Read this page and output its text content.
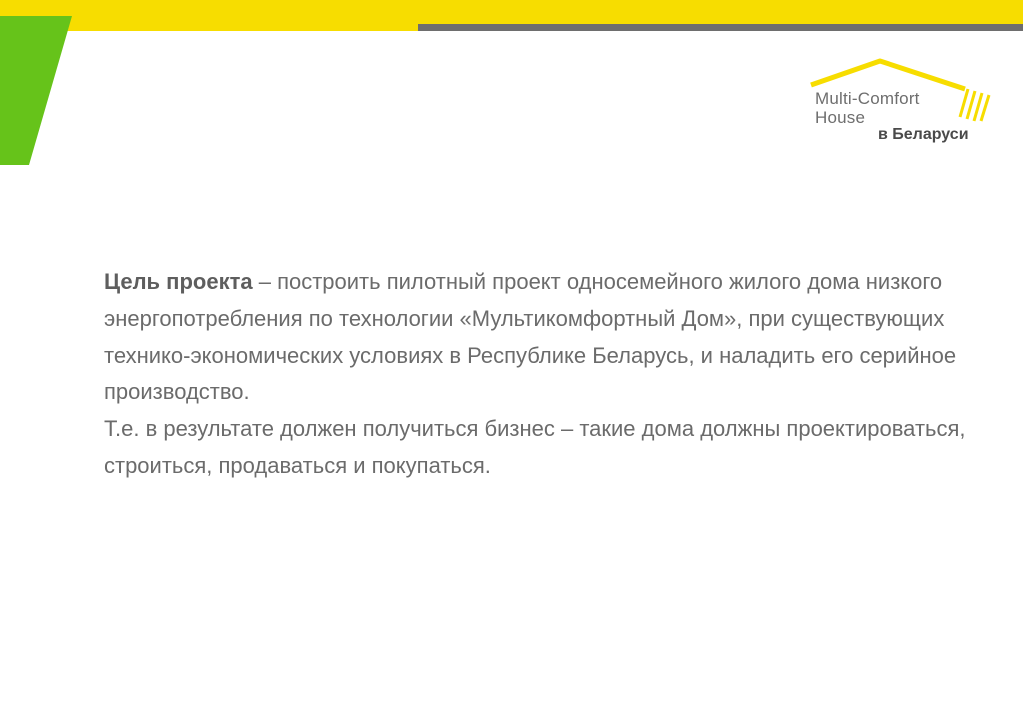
Multi-Comfort
House
в Беларуси

Цель проекта – построить пилотный проект односемейного жилого дома низкого энергопотребления по технологии «Мультикомфортный Дом», при существующих технико-экономических условиях в Республике Беларусь, и наладить его серийное производство.

Т.е. в результате должен получиться бизнес – такие дома должны проектироваться, строиться, продаваться и покупаться.
